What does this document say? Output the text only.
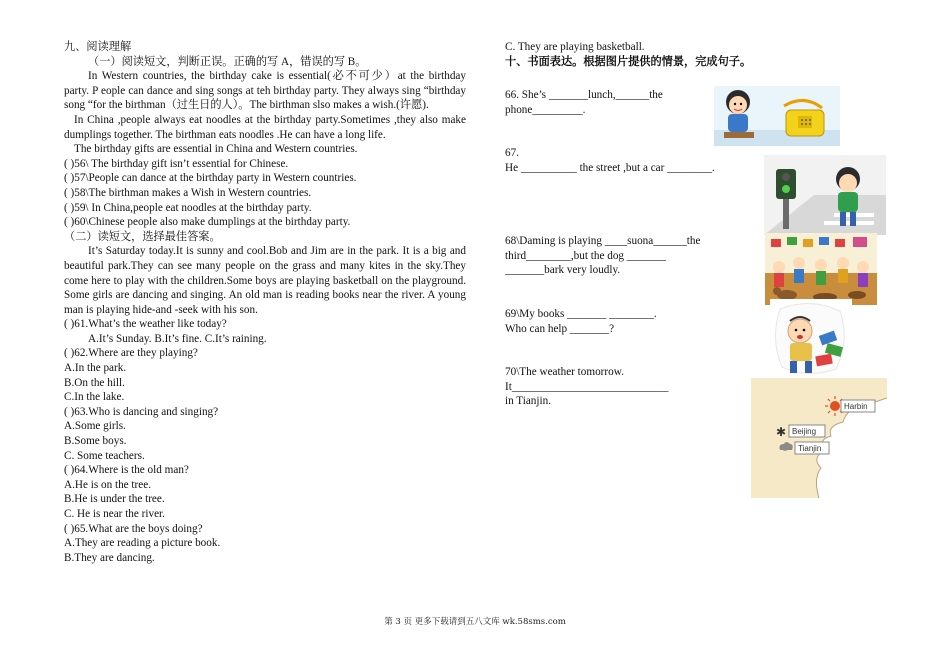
九、阅读理解

（一）阅读短文，判断正误。正确的写 A，错误的写 B。

In Western countries, the birthday cake is essential(必不可少）at the birthday party. P eople can dance and sing songs at teh birthday party. They always sing “birthday song “for the birthman（过生日的人）。The birthman slso makes a wish.(许愿).

In China ,people always eat noodles at the birthday party.Sometimes ,they also make dumplings together. The birthman eats noodles .He can have a long life.

The birthday gifts are essential in China and Western countries.

( )56\ The birthday gift isn’t essential for Chinese.

( )57\People can dance at the birthday party in Western countries.

( )58\The birthman makes a Wish in Western countries.

( )59\ In China,people eat noodles at the birthday party.

( )60\Chinese people also make dumplings at the birthday party.

（二）读短文，选择最佳答案。

It’s Saturday today.It is sunny and cool.Bob and Jim are in the park. It is a big and beautiful park.They can see many people on the grass and many kites in the sky.They come here to play with the children.Some boys are playing basketball on the playground. Some girls are dancing and singing. An old man is reading books near the river. A young man is playing hide-and -seek with his son.

( )61.What’s the weather like today?

A.It’s Sunday. B.It’s fine. C.It’s raining.

( )62.Where are they playing?

A.In the park.

B.On the hill.

C.In the lake.

( )63.Who is dancing and singing?

A.Some girls.

B.Some boys.

C. Some teachers.

( )64.Where is the old man?

A.He is on the tree.

B.He is under the tree.

C. He is near the river.

( )65.What are the boys doing?

A.They are reading a picture book.

B.They are dancing.

C. They are playing basketball.

十、书面表达。根据图片提供的情景，完成句子。

66. She’s _______lunch,______the

phone_________.

67.

He __________ the street ,but a car ________.

68\Daming is playing ____suona______the

third________,but the dog _______

_______bark very loudly.

69\My books _______ ________.

Who can help _______?

70\The weather tomorrow.

It____________________________

in Tianjin.	Harbin
✱ Beijing
Tianjin
第 3 页 更多下载请到五八文库 wk.58sms.com
